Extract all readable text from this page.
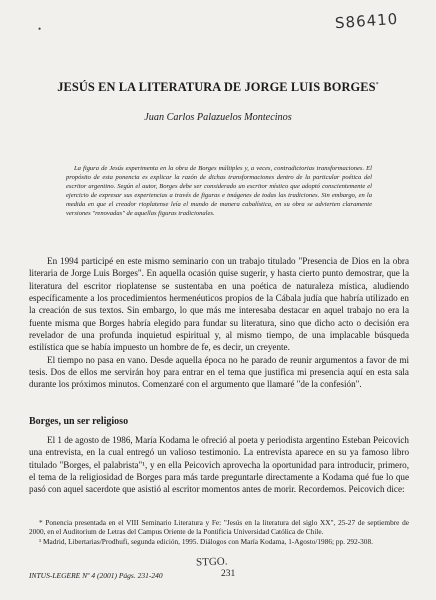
•	S86410
JESÚS EN LA LITERATURA DE JORGE LUIS BORGES*
Juan Carlos Palazuelos Montecinos

La figura de Jesús experimenta en la obra de Borges múltiples y, a veces, contradictorias transformaciones. El propósito de esta ponencia es explicar la razón de dichas transformaciones dentro de la particular poética del escritor argentino. Según el autor, Borges debe ser considerado un escritor místico que adoptó conscientemente el ejercicio de expresar sus experiencias a través de figuras e imágenes de todas las tradiciones. Sin embargo, en la medida en que el creador rioplatense leía el mundo de manera cabalística, en su obra se advierten claramente versiones "renovadas" de aquellas figuras tradicionales.

En 1994 participé en este mismo seminario con un trabajo titulado "Presencia de Dios en la obra literaria de Jorge Luis Borges". En aquella ocasión quise sugerir, y hasta cierto punto demostrar, que la literatura del escritor rioplatense se sustentaba en una poética de naturaleza mística, aludiendo específicamente a los procedimientos hermenéuticos propios de la Cábala judía que habría utilizado en la creación de sus textos. Sin embargo, lo que más me interesaba destacar en aquel trabajo no era la fuente misma que Borges habría elegido para fundar su literatura, sino que dicho acto o decisión era revelador de una profunda inquietud espiritual y, al mismo tiempo, de una implacable búsqueda estilística que se había impuesto un hombre de fe, es decir, un creyente.

El tiempo no pasa en vano. Desde aquella época no he parado de reunir argumentos a favor de mi tesis. Dos de ellos me servirán hoy para entrar en el tema que justifica mi presencia aquí en esta sala durante los próximos minutos. Comenzaré con el argumento que llamaré "de la confesión".

Borges, un ser religioso

El 1 de agosto de 1986, María Kodama le ofreció al poeta y periodista argentino Esteban Peicovich una entrevista, en la cual entregó un valioso testimonio. La entrevista aparece en su ya famoso libro titulado "Borges, el palabrista"¹, y en ella Peicovich aprovecha la oportunidad para introducir, primero, el tema de la religiosidad de Borges para más tarde preguntarle directamente a Kodama qué fue lo que pasó con aquel sacerdote que asistió al escritor momentos antes de morir. Recordemos. Peicovich dice:

* Ponencia presentada en el VIII Seminario Literatura y Fe: "Jesús en la literatura del siglo XX", 25-27 de septiembre de 2000, en el Auditorium de Letras del Campus Oriente de la Pontificia Universidad Católica de Chile.

¹ Madrid, Libertarias/Prodhufi, segunda edición, 1995. Diálogos con María Kodama, 1-Agosto/1986; pp. 292-308.

STGO.
INTUS-LEGERE Nº 4 (2001) Págs. 231-240	231
